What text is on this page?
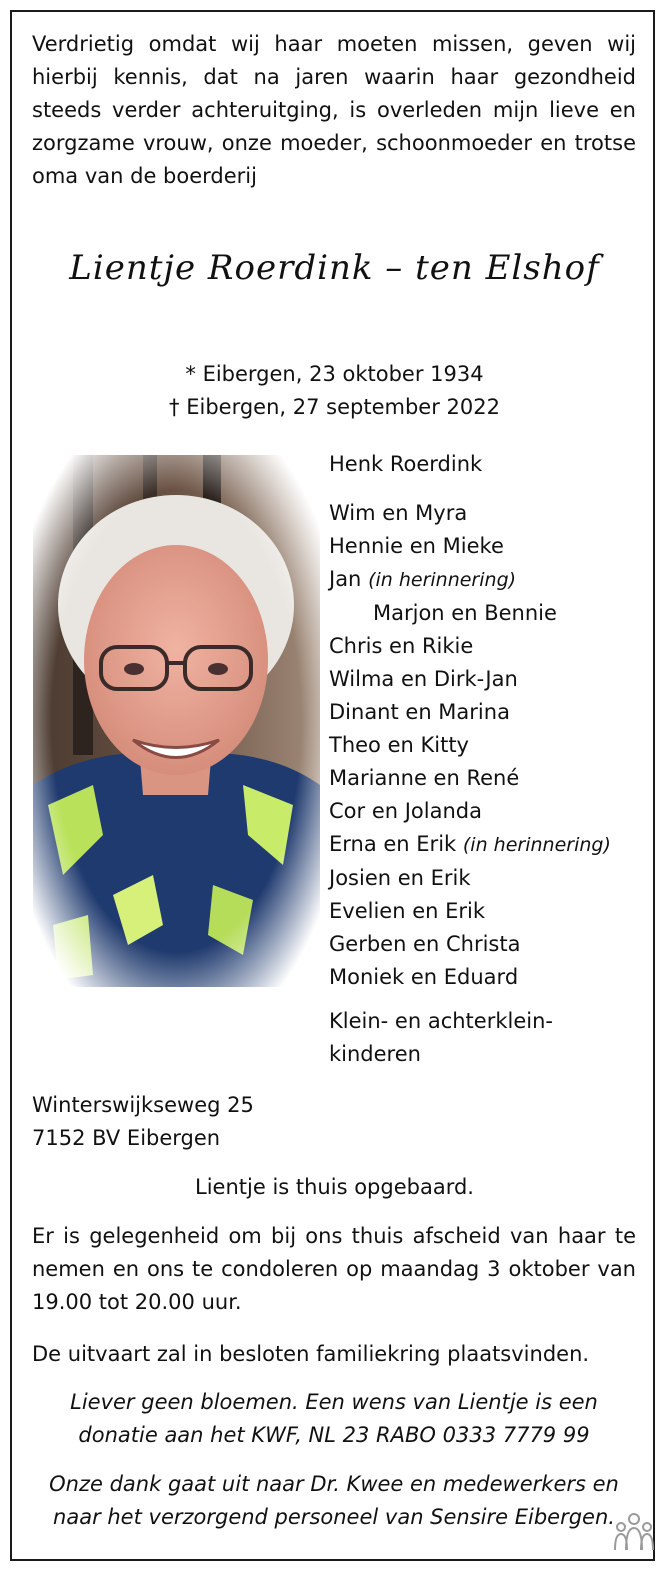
Verdrietig omdat wij haar moeten missen, geven wij hierbij kennis, dat na jaren waarin haar gezondheid steeds verder achteruitging, is overleden mijn lieve en zorgzame vrouw, onze moeder, schoonmoeder en trotse oma van de boerderij
Lientje Roerdink – ten Elshof
* Eibergen, 23 oktober 1934
† Eibergen, 27 september 2022
Henk Roerdink
Wim en Myra
Hennie en Mieke
Jan (in herinnering)
Marjon en Bennie
Chris en Rikie
Wilma en Dirk-Jan
Dinant en Marina
Theo en Kitty
Marianne en René
Cor en Jolanda
Erna en Erik (in herinnering)
Josien en Erik
Evelien en Erik
Gerben en Christa
Moniek en Eduard
Klein- en achterklein-
kinderen
Winterswijkseweg 25
7152 BV Eibergen
Lientje is thuis opgebaard.
Er is gelegenheid om bij ons thuis afscheid van haar te nemen en ons te condoleren op maandag 3 oktober van 19.00 tot 20.00 uur.
De uitvaart zal in besloten familiekring plaatsvinden.
Liever geen bloemen. Een wens van Lientje is een
donatie aan het KWF, NL 23 RABO 0333 7779 99
Onze dank gaat uit naar Dr. Kwee en medewerkers en
naar het verzorgend personeel van Sensire Eibergen.
